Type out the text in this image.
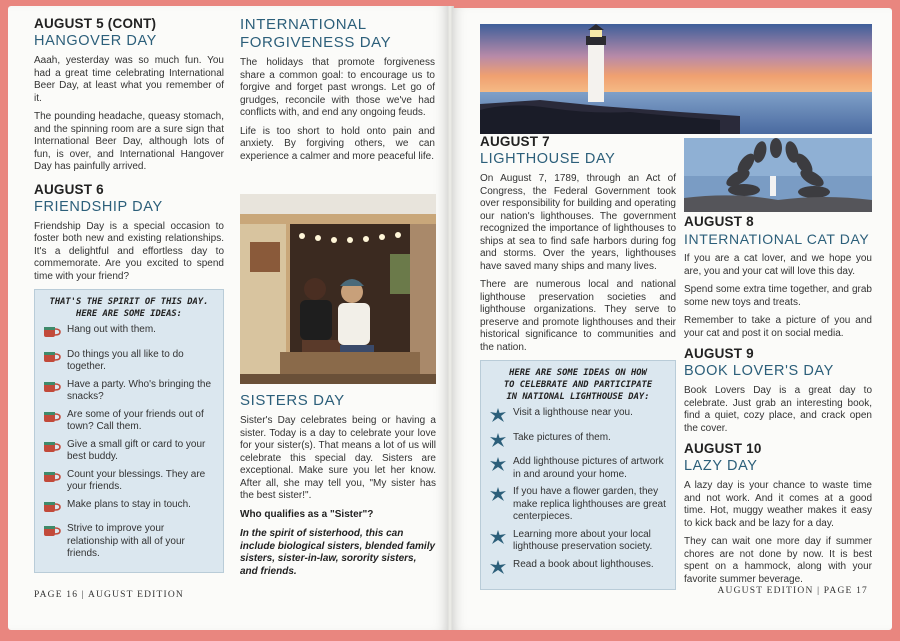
AUGUST 5 (CONT)
HANGOVER DAY

Aaah, yesterday was so much fun. You had a great time celebrating International Beer Day, at least what you remember of it.

The pounding headache, queasy stomach, and the spinning room are a sure sign that International Beer Day, although lots of fun, is over, and International Hangover Day has painfully arrived.

AUGUST 6
FRIENDSHIP DAY

Friendship Day is a special occasion to foster both new and existing relationships. It's a delightful and effortless day to commemorate. Are you excited to spend time with your friend?

THAT'S THE SPIRIT OF THIS DAY.
HERE ARE SOME IDEAS:
Hang out with them.
Do things you all like to do together.
Have a party. Who's bringing the snacks?
Are some of your friends out of town? Call them.
Give a small gift or card to your best buddy.
Count your blessings. They are your friends.
Make plans to stay in touch.
Strive to improve your relationship with all of your friends.
INTERNATIONAL
FORGIVENESS DAY

The holidays that promote forgiveness share a common goal: to encourage us to forgive and forget past wrongs. Let go of grudges, reconcile with those we've had conflicts with, and end any ongoing feuds.

Life is too short to hold onto pain and anxiety. By forgiving others, we can experience a calmer and more peaceful life.

SISTERS DAY

Sister's Day celebrates being or having a sister. Today is a day to celebrate your love for your sister(s). That means a lot of us will celebrate this special day. Sisters are exceptional. Make sure you let her know. After all, she may tell you, "My sister has the best sister!".

Who qualifies as a "Sister"?

In the spirit of sisterhood, this can include biological sisters, blended family sisters, sister-in-law, sorority sisters, and friends.

PAGE 16 | AUGUST EDITION
AUGUST 7
LIGHTHOUSE DAY

On August 7, 1789, through an Act of Congress, the Federal Government took over responsibility for building and operating our nation's lighthouses. The government recognized the importance of lighthouses to ships at sea to find safe harbors during fog and storms. Over the years, lighthouses have saved many ships and many lives.

There are numerous local and national lighthouse preservation societies and lighthouse organizations. They serve to preserve and promote lighthouses and their historical significance to communities and the nation.

HERE ARE SOME IDEAS ON HOW
TO CELEBRATE AND PARTICIPATE
IN NATIONAL LIGHTHOUSE DAY:
Visit a lighthouse near you.
Take pictures of them.
Add lighthouse pictures of artwork in and around your home.
If you have a flower garden, they make replica lighthouses are great centerpieces.
Learning more about your local lighthouse preservation society.
Read a book about lighthouses.
AUGUST 8
INTERNATIONAL CAT DAY

If you are a cat lover, and we hope you are, you and your cat will love this day.

Spend some extra time together, and grab some new toys and treats.

Remember to take a picture of you and your cat and post it on social media.

AUGUST 9
BOOK LOVER'S DAY

Book Lovers Day is a great day to celebrate. Just grab an interesting book, find a quiet, cozy place, and crack open the cover.

AUGUST 10
LAZY DAY

A lazy day is your chance to waste time and not work. And it comes at a good time. Hot, muggy weather makes it easy to kick back and be lazy for a day.

They can wait one more day if summer chores are not done by now. It is best spent on a hammock, along with your favorite summer beverage.

AUGUST EDITION | PAGE 17
